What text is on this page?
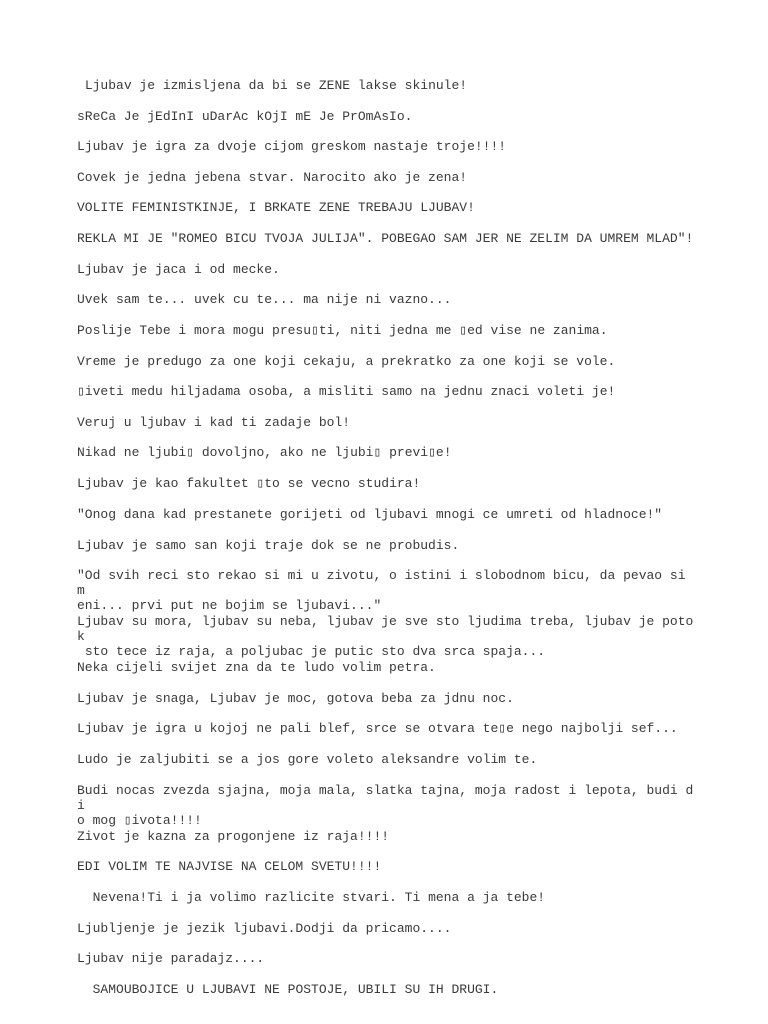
Ljubav je izmisljena da bi se ZENE lakse skinule!

sReCa Je jEdInI uDarAc kOjI mE Je PrOmAsIo.

Ljubav je igra za dvoje cijom greskom nastaje troje!!!!

Covek je jedna jebena stvar. Narocito ako je zena!

VOLITE FEMINISTKINJE, I BRKATE ZENE TREBAJU LJUBAV!

REKLA MI JE "ROMEO BICU TVOJA JULIJA". POBEGAO SAM JER NE ZELIM DA UMREM MLAD"!

Ljubav je jaca i od mecke.

Uvek sam te... uvek cu te... ma nije ni vazno...

Poslije Tebe i mora mogu presu▯ti, niti jedna me ▯ed vise ne zanima.

Vreme je predugo za one koji cekaju, a prekratko za one koji se vole.

▯iveti medu hiljadama osoba, a misliti samo na jednu znaci voleti je!

Veruj u ljubav i kad ti zadaje bol!

Nikad ne ljubi▯ dovoljno, ako ne ljubi▯ previ▯e!

Ljubav je kao fakultet ▯to se vecno studira!

"Onog dana kad prestanete gorijeti od ljubavi mnogi ce umreti od hladnoce!"

Ljubav je samo san koji traje dok se ne probudis.

"Od svih reci sto rekao si mi u zivotu, o istini i slobodnom bicu, da pevao si m
eni... prvi put ne bojim se ljubavi..."

Ljubav su mora, ljubav su neba, ljubav je sve sto ljudima treba, ljubav je potok
sto tece iz raja, a poljubac je putic sto dva srca spaja...

Neka cijeli svijet zna da te ludo volim petra.

Ljubav je snaga, Ljubav je moc, gotova beba za jdnu noc.

Ljubav je igra u kojoj ne pali blef, srce se otvara te▯e nego najbolji sef...

Ludo je zaljubiti se a jos gore voleto aleksandre volim te.

Budi nocas zvezda sjajna, moja mala, slatka tajna, moja radost i lepota, budi di
o mog ▯ivota!!!!

Zivot je kazna za progonjene iz raja!!!!

EDI VOLIM TE NAJVISE NA CELOM SVETU!!!!

Nevena!Ti i ja volimo razlicite stvari. Ti mena a ja tebe!

Ljubljenje je jezik ljubavi.Dodji da pricamo....

Ljubav nije paradajz....

SAMOUBOJICE U LJUBAVI NE POSTOJE, UBILI SU IH DRUGI.
